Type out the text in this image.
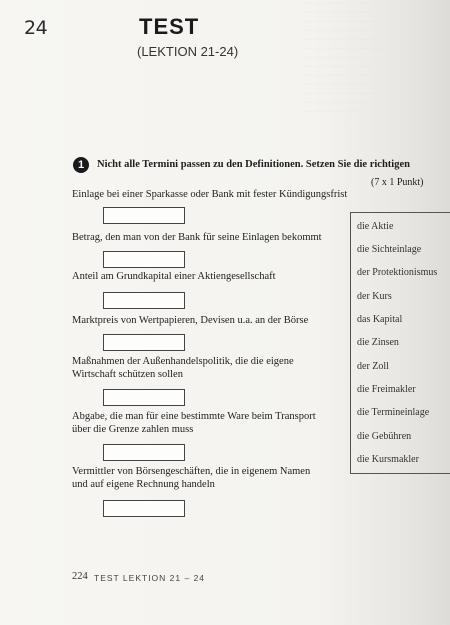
· · · · · · · · · · · · · · · · · · · · · · · ·
· · · · · · · · · · · · · · · · · · · · ·
· · · · · · · · · · · · · · · · · · · · · · ·
· · · · · · · · · · · · · · · · · · ·
· · · · · · · · · · · · · · · · · · · · · ·
· · · · · · · · · · · · · · · · · · · · · · · ·
· · · · · · · · · · · · · · · · · ·
· · · · · · · · · · · · · · · · · · · · ·
· · · · · · · · · · · · · · · · · · · · · · ·
· · · · · · · · · · · · · · · · · · ·
· · · · · · · · · · · · · · · · · · · · · ·
· · · · · · · · · · · · · · · · · · · ·
· · · · · · · · · · · · · · · · ·
24	TEST
(LEKTION 21-24)
1	Nicht alle Termini passen zu den Definitionen. Setzen Sie die richtigen
(7 x 1 Punkt)
Einlage bei einer Sparkasse oder Bank mit fester Kündigungsfrist
Betrag, den man von der Bank für seine Einlagen bekommt
Anteil am Grundkapital einer Aktiengesellschaft
Marktpreis von Wertpapieren, Devisen u.a. an der Börse
Maßnahmen der Außenhandelspolitik, die die eigene
Wirtschaft schützen sollen
Abgabe, die man für eine bestimmte Ware beim Transport
über die Grenze zahlen muss
Vermittler von Börsengeschäften, die in eigenem Namen
und auf eigene Rechnung handeln
die Aktie
die Sichteinlage
der Protektionismus
der Kurs
das Kapital
die Zinsen
der Zoll
die Freimakler
die Termineinlage
die Gebühren
die Kursmakler
224 TEST LEKTION 21 – 24
